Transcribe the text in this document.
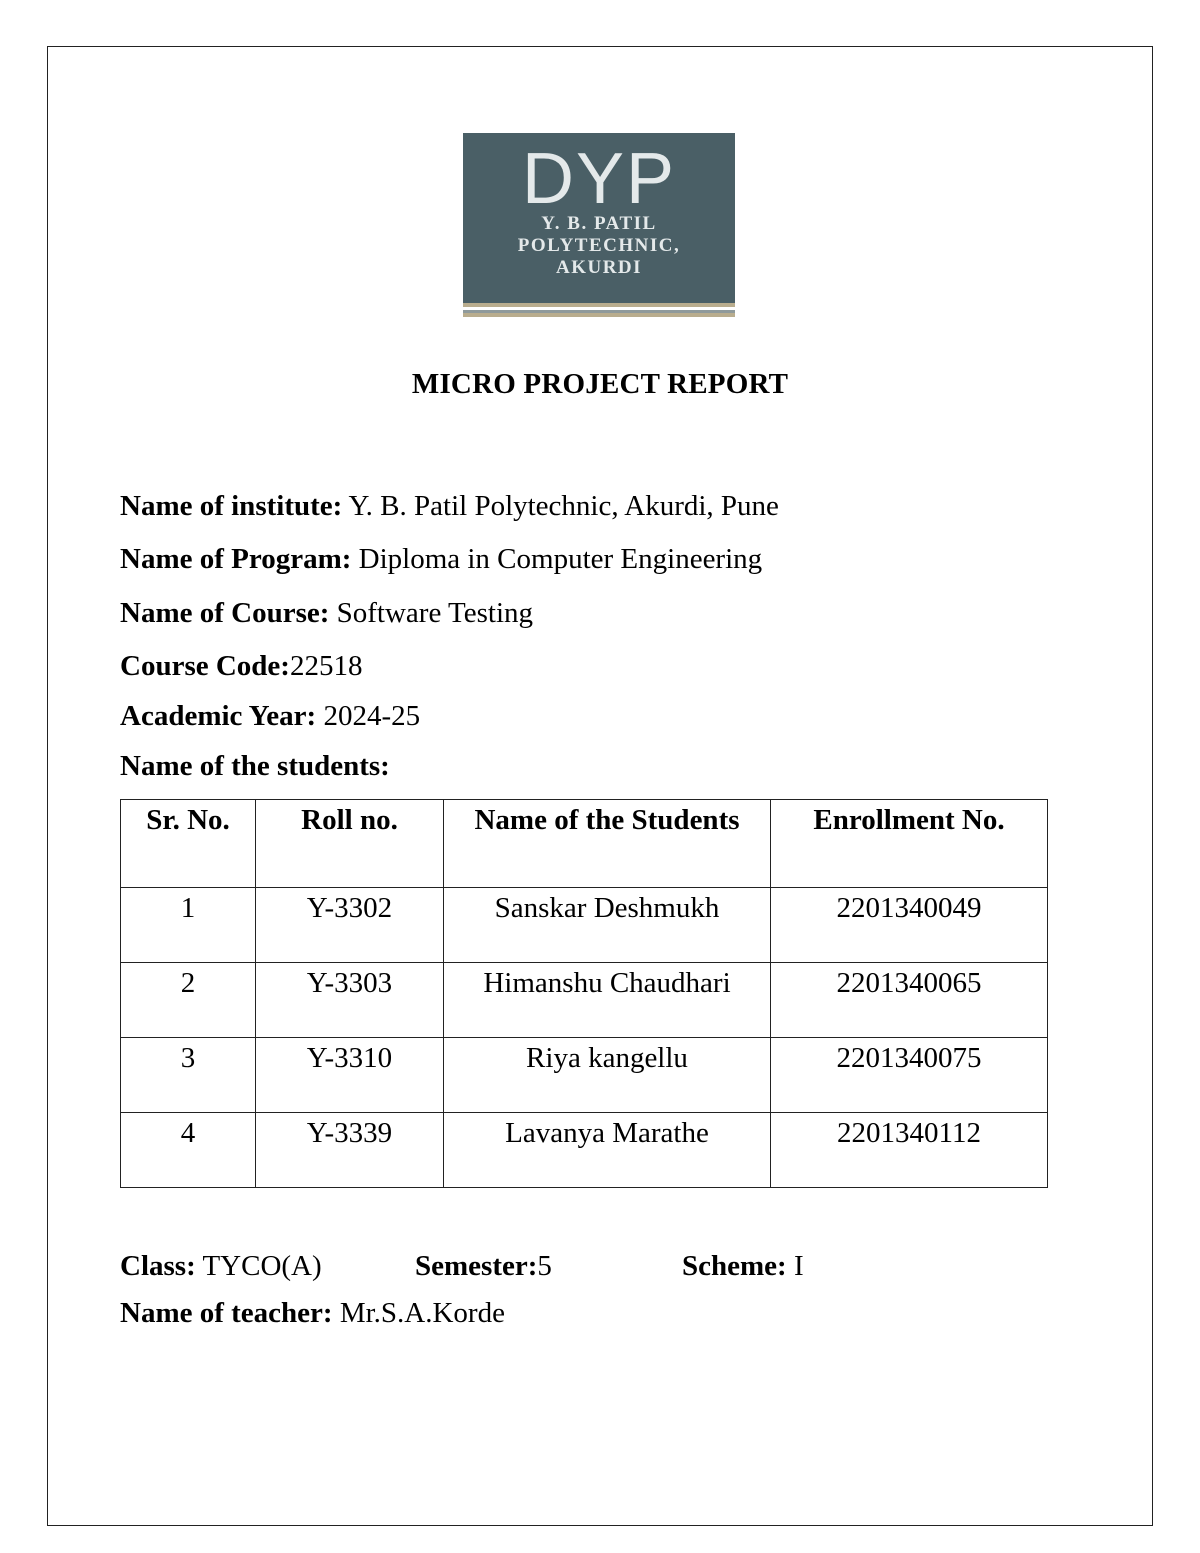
DYP
Y. B. PATIL
POLYTECHNIC,
AKURDI
MICRO PROJECT REPORT
Name of institute: Y. B. Patil Polytechnic, Akurdi, Pune
Name of Program: Diploma in Computer Engineering
Name of Course: Software Testing
Course Code:22518
Academic Year: 2024-25
Name of the students:
Sr. No.	Roll no.	Name of the Students	Enrollment No.
1	Y-3302	Sanskar Deshmukh	2201340049
2	Y-3303	Himanshu Chaudhari	2201340065
3	Y-3310	Riya kangellu	2201340075
4	Y-3339	Lavanya Marathe	2201340112
Class: TYCO(A)	Semester:5	Scheme: I
Name of teacher: Mr.S.A.Korde
